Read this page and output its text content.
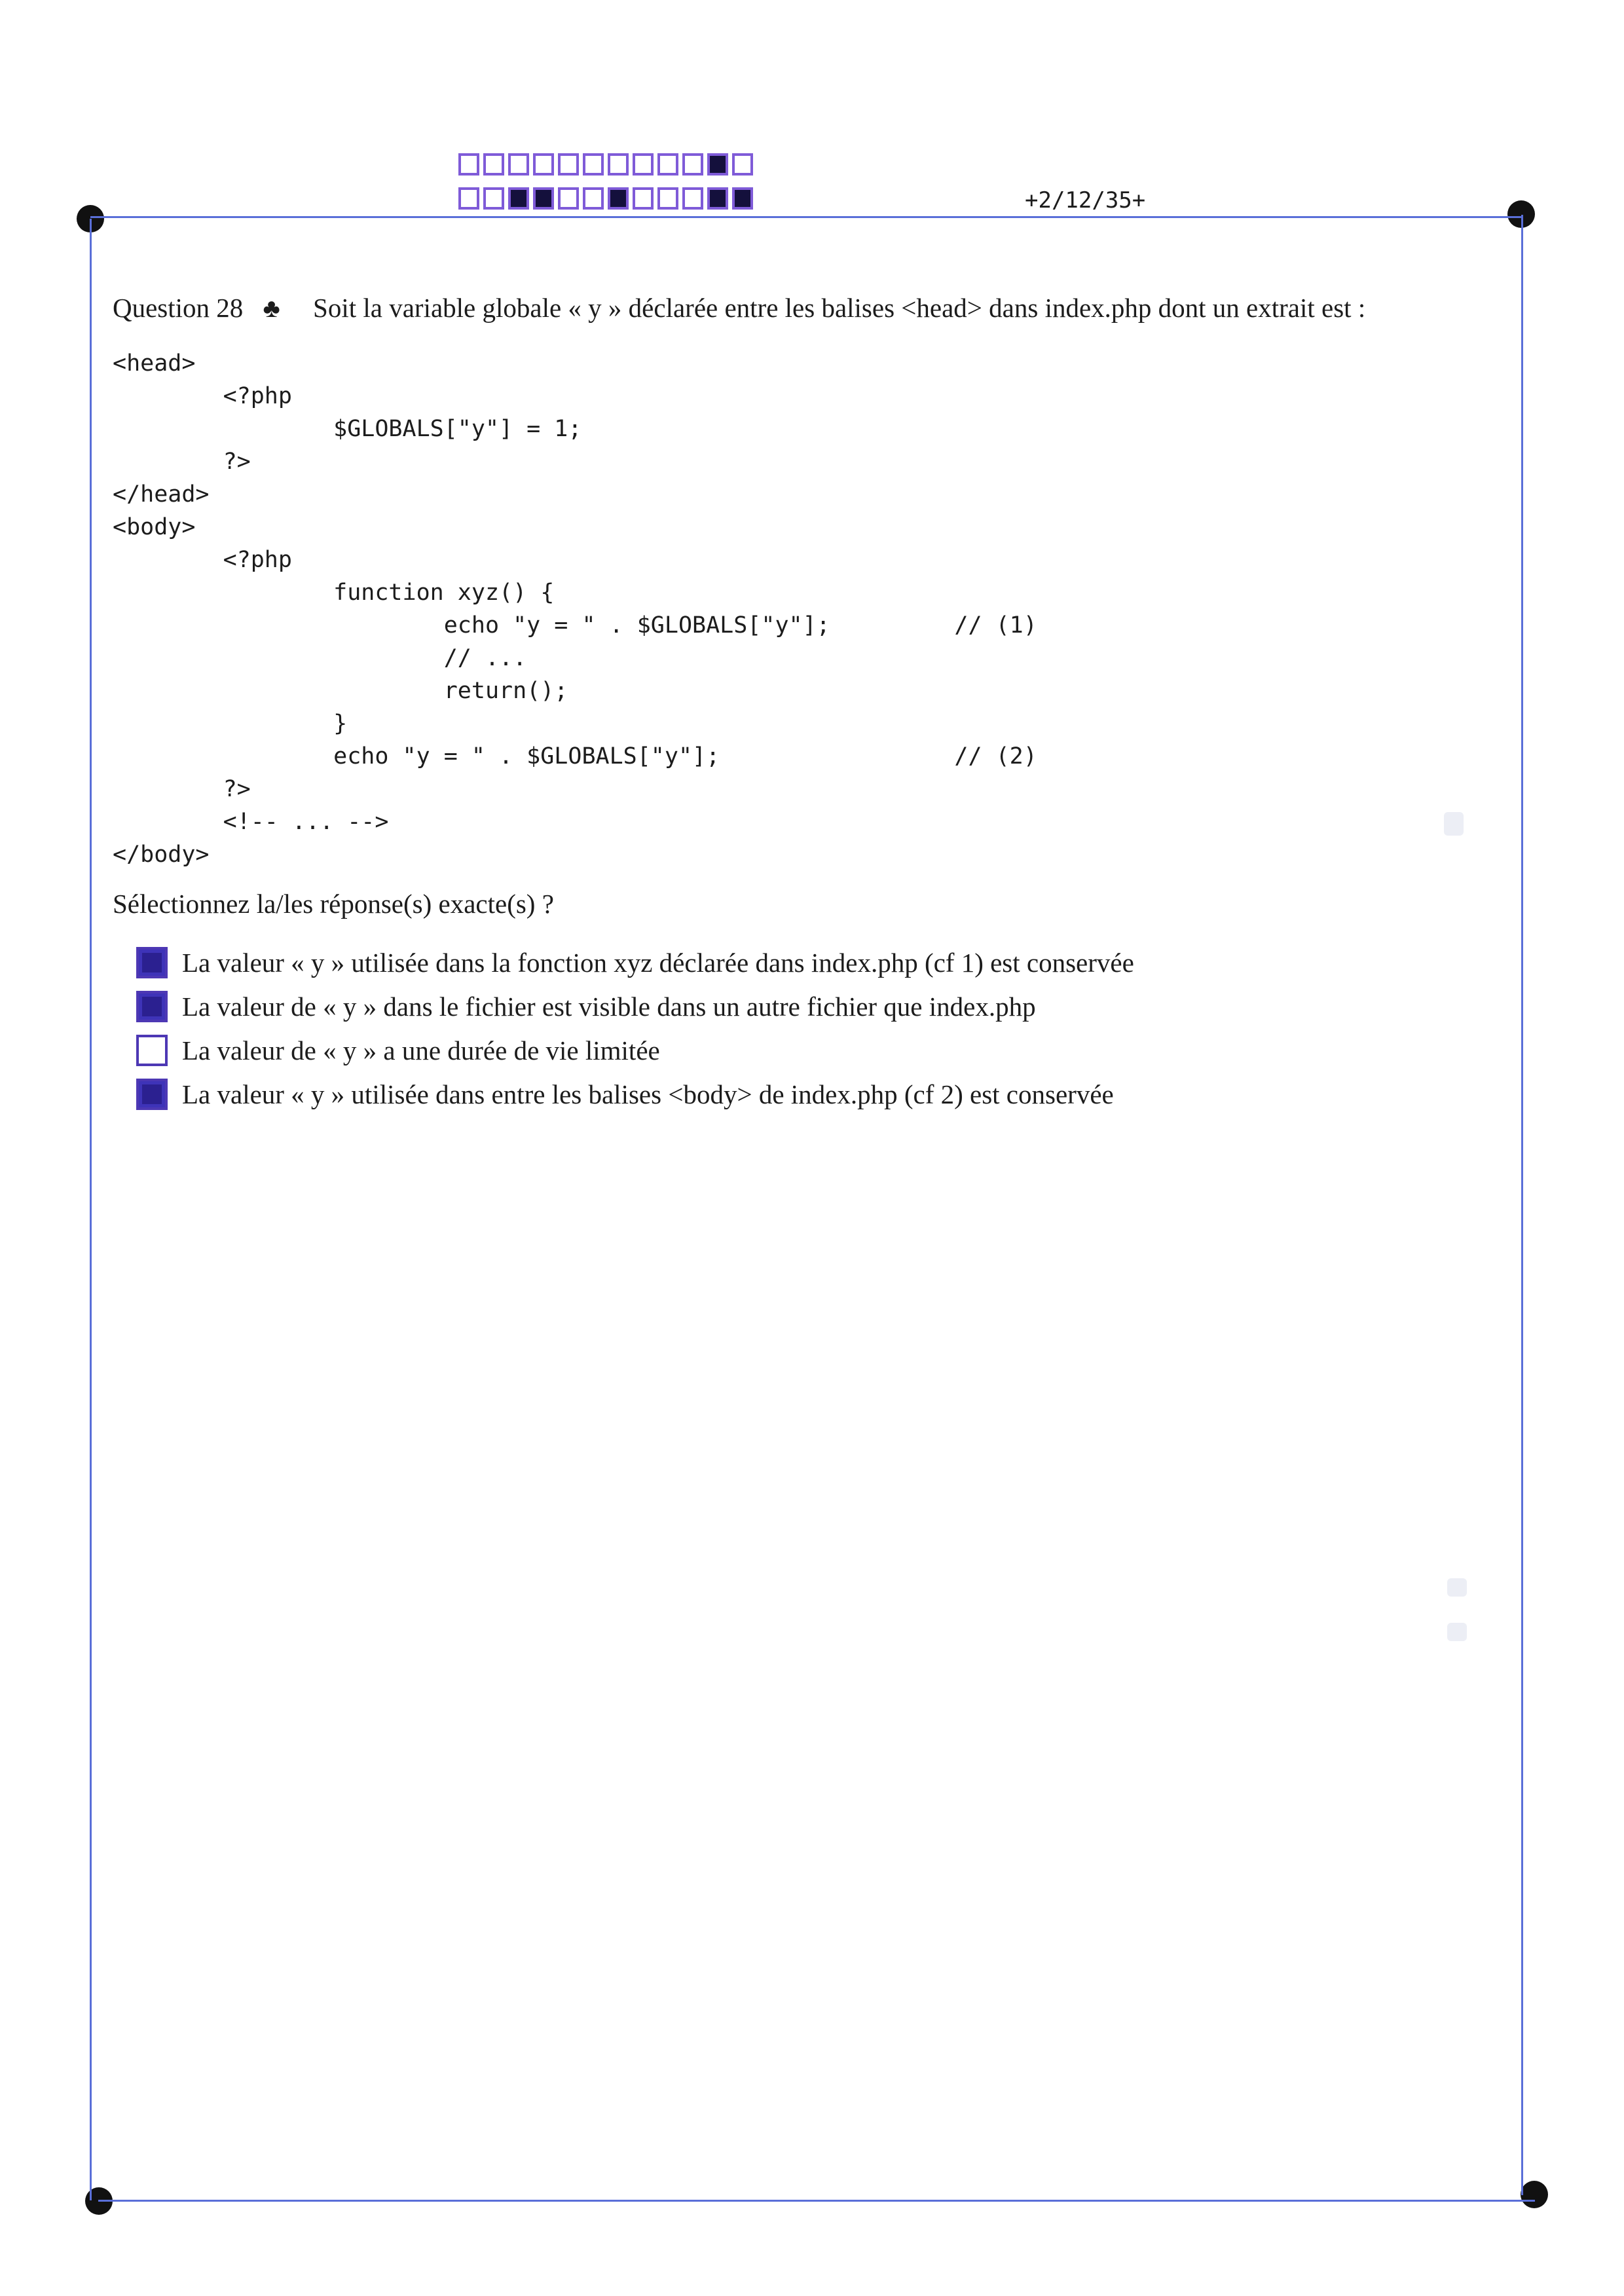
+2/12/35+
Question 28 ♣ Soit la variable globale « y » déclarée entre les balises <head> dans index.php dont un extrait est :
<head>
<?php
$GLOBALS["y"] = 1;
?>
</head>
<body>
<?php
function xyz() {
echo "y = " . $GLOBALS["y"];         // (1)
// ...
return();
}
echo "y = " . $GLOBALS["y"];                 // (2)
?>
<!-- ... -->
</body>
Sélectionnez la/les réponse(s) exacte(s) ?
La valeur « y » utilisée dans la fonction xyz déclarée dans index.php (cf 1) est conservée
La valeur de « y » dans le fichier est visible dans un autre fichier que index.php
La valeur de « y » a une durée de vie limitée
La valeur « y » utilisée dans entre les balises <body> de index.php (cf 2) est conservée
